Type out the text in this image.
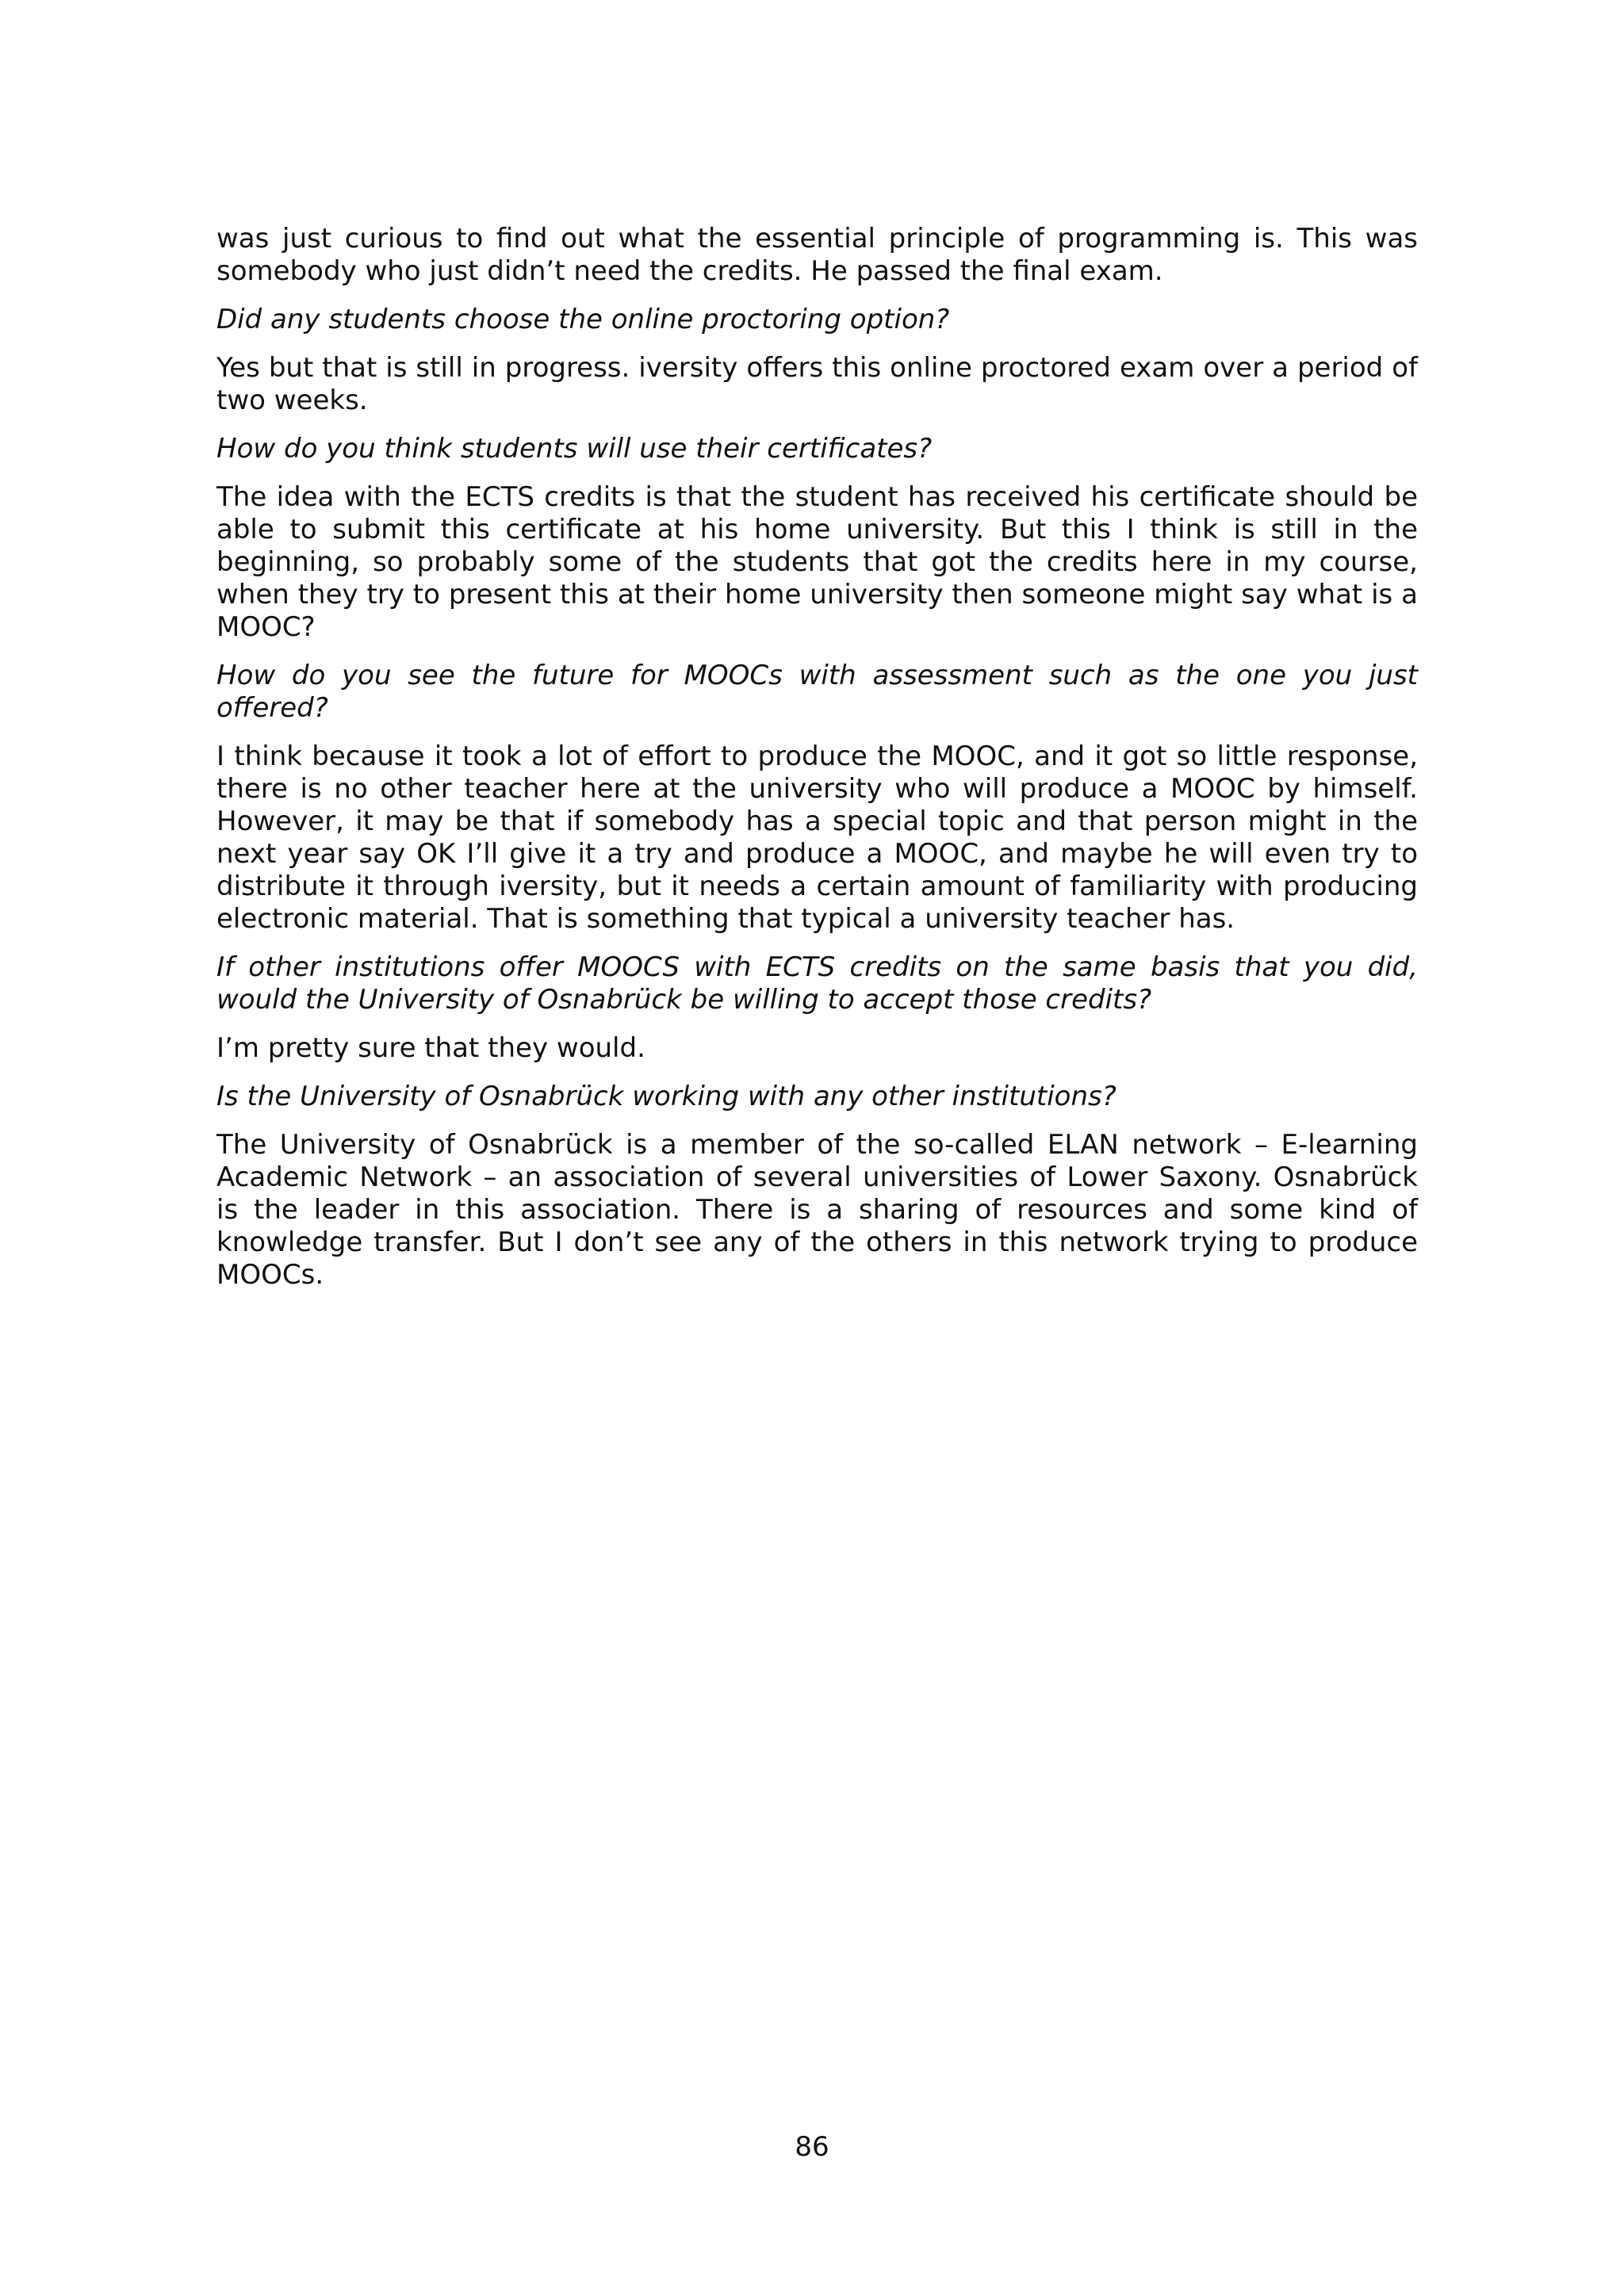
was just curious to find out what the essential principle of programming is. This was somebody who just didn’t need the credits. He passed the final exam.

Did any students choose the online proctoring option?

Yes but that is still in progress. iversity offers this online proctored exam over a period of two weeks.

How do you think students will use their certificates?

The idea with the ECTS credits is that the student has received his certificate should be able to submit this certificate at his home university. But this I think is still in the beginning, so probably some of the students that got the credits here in my course, when they try to present this at their home university then someone might say what is a MOOC?

How do you see the future for MOOCs with assessment such as the one you just offered?

I think because it took a lot of effort to produce the MOOC, and it got so little response, there is no other teacher here at the university who will produce a MOOC by himself. However, it may be that if somebody has a special topic and that person might in the next year say OK I’ll give it a try and produce a MOOC, and maybe he will even try to distribute it through iversity, but it needs a certain amount of familiarity with producing electronic material. That is something that typical a university teacher has.

If other institutions offer MOOCS with ECTS credits on the same basis that you did, would the University of Osnabrück be willing to accept those credits?

I’m pretty sure that they would.

Is the University of Osnabrück working with any other institutions?

The University of Osnabrück is a member of the so-called ELAN network – E-learning Academic Network – an association of several universities of Lower Saxony. Osnabrück is the leader in this association. There is a sharing of resources and some kind of knowledge transfer. But I don’t see any of the others in this network trying to produce MOOCs.

86
